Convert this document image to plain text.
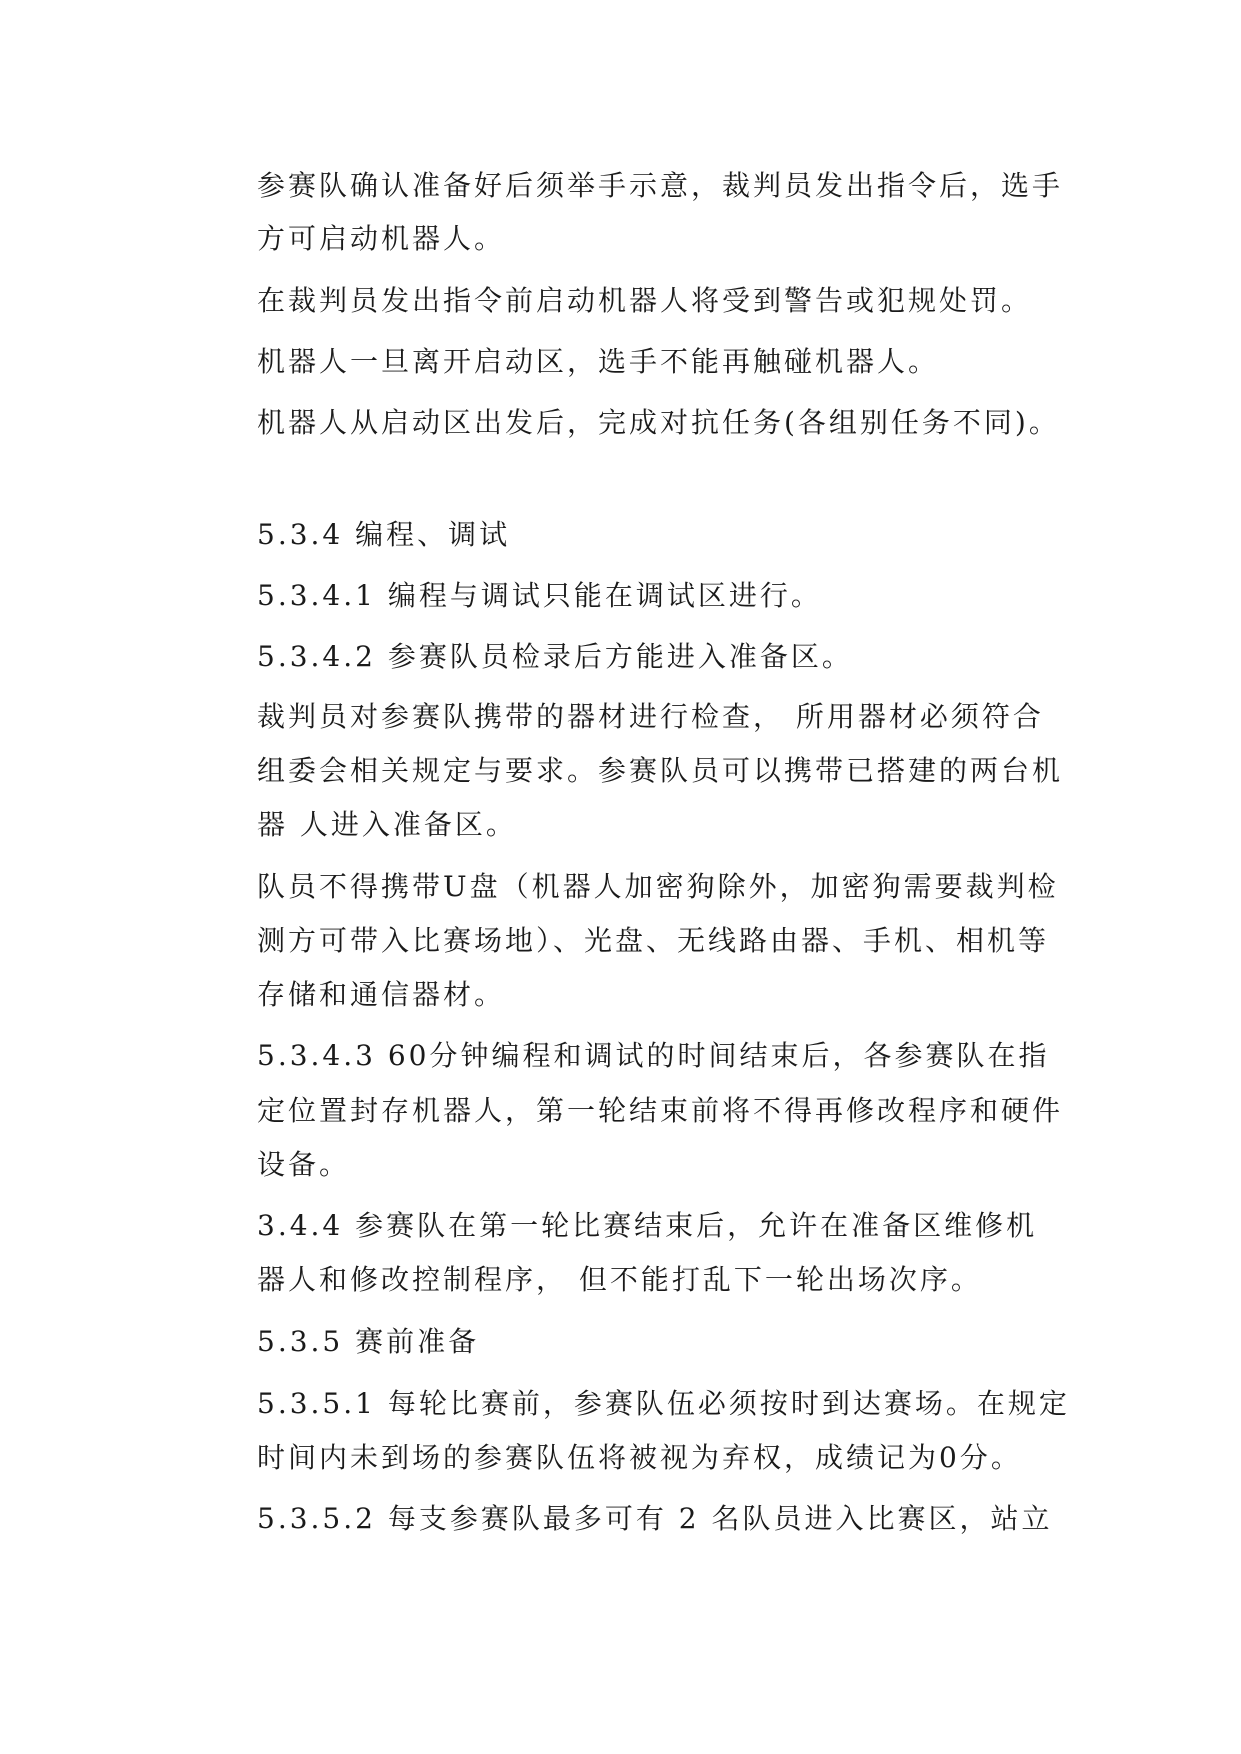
参赛队确认准备好后须举手示意，裁判员发出指令后，选手
方可启动机器人。
在裁判员发出指令前启动机器人将受到警告或犯规处罚。
机器人一旦离开启动区，选手不能再触碰机器人。
机器人从启动区出发后，完成对抗任务(各组别任务不同)。
5.3.4 编程、调试
5.3.4.1 编程与调试只能在调试区进行。
5.3.4.2 参赛队员检录后方能进入准备区。
裁判员对参赛队携带的器材进行检查， 所用器材必须符合
组委会相关规定与要求。参赛队员可以携带已搭建的两台机
器 人进入准备区。
队员不得携带U盘（机器人加密狗除外，加密狗需要裁判检
测方可带入比赛场地）、光盘、无线路由器、手机、相机等
存储和通信器材。
5.3.4.3 60分钟编程和调试的时间结束后，各参赛队在指
定位置封存机器人，第一轮结束前将不得再修改程序和硬件
设备。
3.4.4 参赛队在第一轮比赛结束后，允许在准备区维修机
器人和修改控制程序， 但不能打乱下一轮出场次序。
5.3.5 赛前准备
5.3.5.1 每轮比赛前，参赛队伍必须按时到达赛场。在规定
时间内未到场的参赛队伍将被视为弃权，成绩记为0分。
5.3.5.2 每支参赛队最多可有 2 名队员进入比赛区，站立
